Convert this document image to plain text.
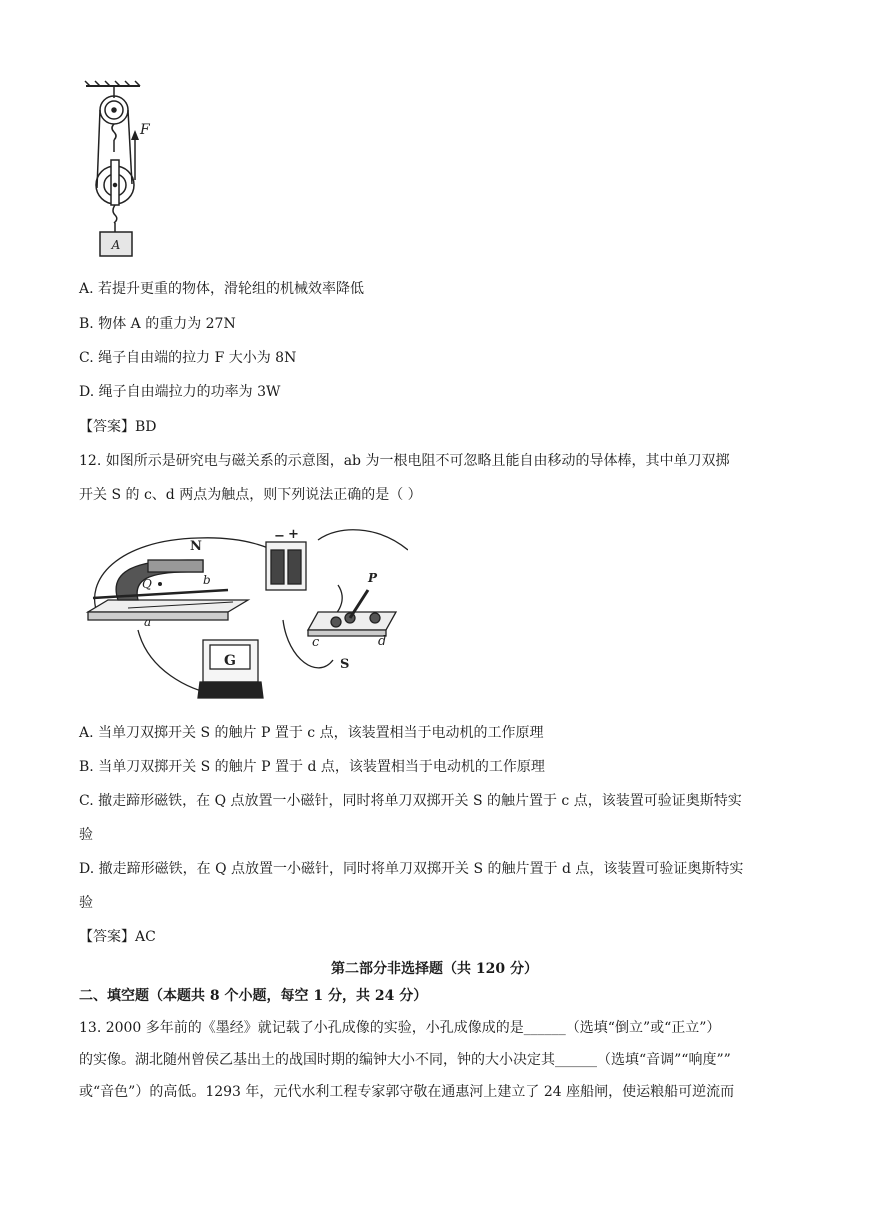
F
A
A. 若提升更重的物体，滑轮组的机械效率降低
B. 物体 A 的重力为 27N
C. 绳子自由端的拉力 F 大小为 8N
D. 绳子自由端拉力的功率为 3W
【答案】BD
12. 如图所示是研究电与磁关系的示意图，ab 为一根电阻不可忽略且能自由移动的导体棒，其中单刀双掷
开关 S 的 c、d 两点为触点，则下列说法正确的是（ ）
N
Q	b
a
− +
G
P
c	d
S
A. 当单刀双掷开关 S 的触片 P 置于 c 点，该装置相当于电动机的工作原理
B. 当单刀双掷开关 S 的触片 P 置于 d 点，该装置相当于电动机的工作原理
C. 撤走蹄形磁铁，在 Q 点放置一小磁针，同时将单刀双掷开关 S 的触片置于 c 点，该装置可验证奥斯特实
验
D. 撤走蹄形磁铁，在 Q 点放置一小磁针，同时将单刀双掷开关 S 的触片置于 d 点，该装置可验证奥斯特实
验
【答案】AC
第二部分非选择题（共 120 分）
二、填空题（本题共 8 个小题，每空 1 分，共 24 分）
13. 2000 多年前的《墨经》就记载了小孔成像的实验，小孔成像成的是______（选填“倒立”或“正立”）
的实像。湖北随州曾侯乙基出土的战国时期的编钟大小不同，钟的大小决定其______（选填“音调”“响度””
或“音色”）的高低。1293 年，元代水利工程专家郭守敬在通惠河上建立了 24 座船闸，使运粮船可逆流而
